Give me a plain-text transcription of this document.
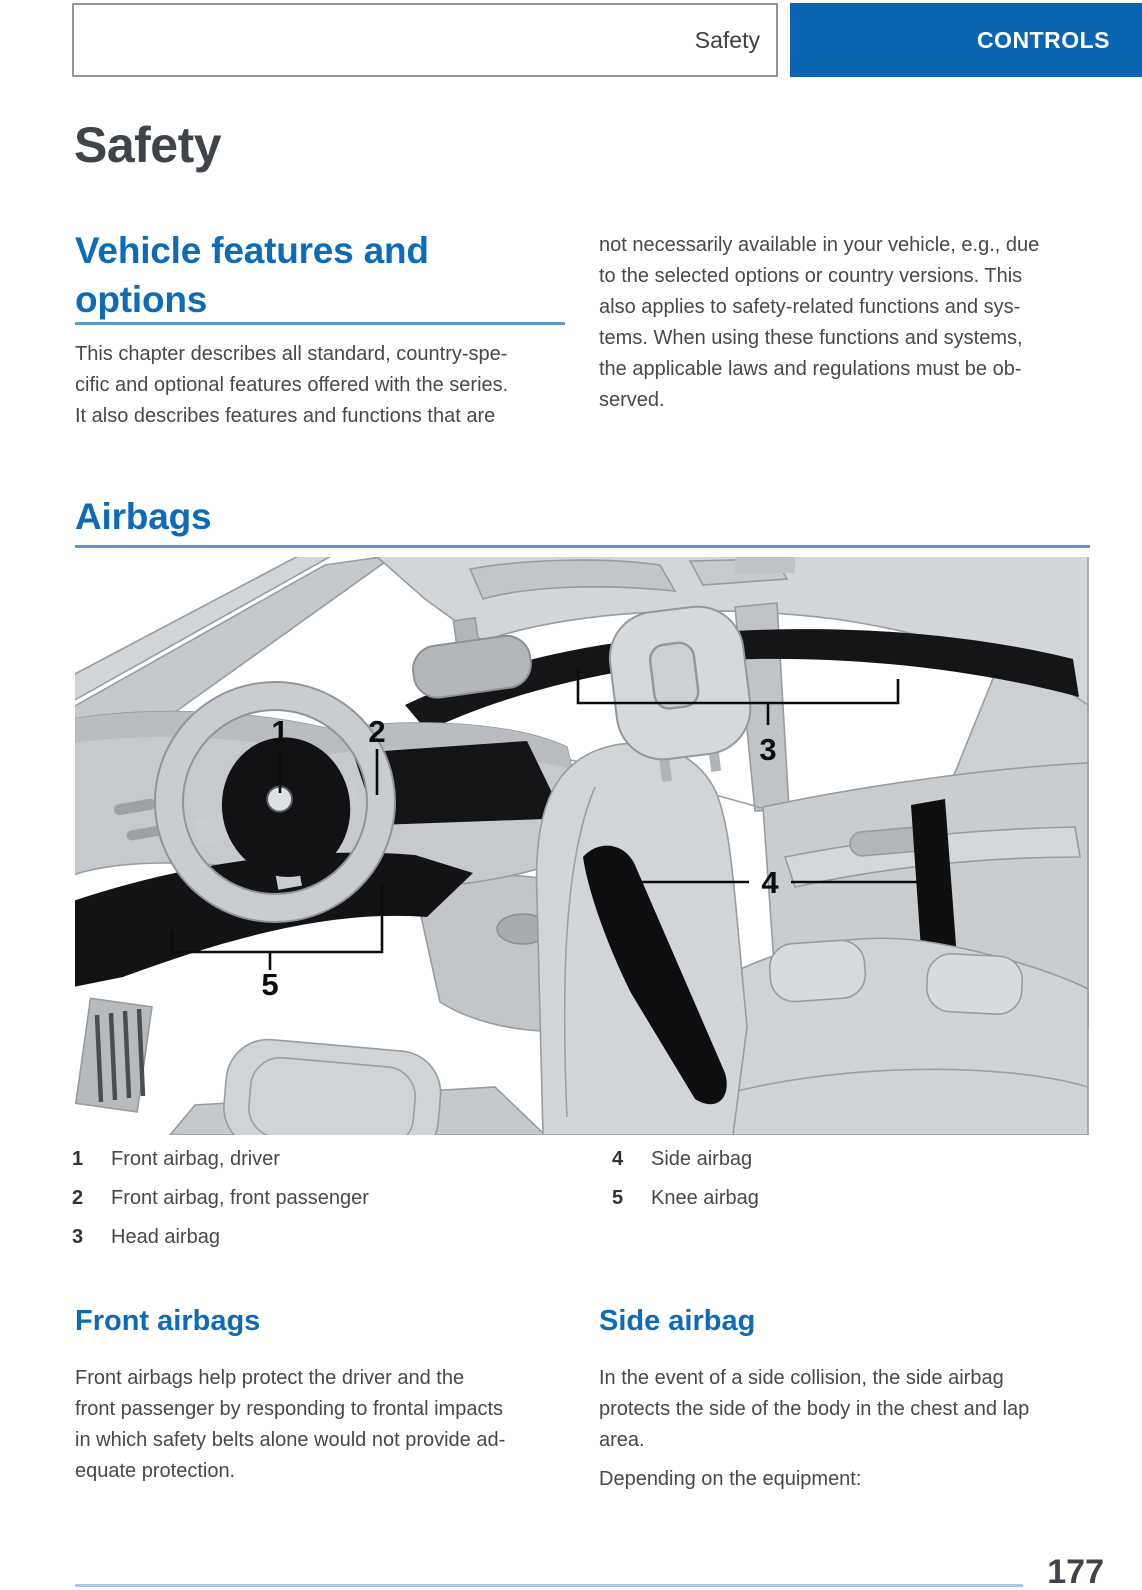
Safety	CONTROLS
Safety
Vehicle features and options
This chapter describes all standard, country-spe-
cific and optional features offered with the series.
It also describes features and functions that are
not necessarily available in your vehicle, e.g., due
to the selected options or country versions. This
also applies to safety-related functions and sys-
tems. When using these functions and systems,
the applicable laws and regulations must be ob-
served.
Airbags
1	2
3
4
5
1	Front airbag, driver
2	Front airbag, front passenger
3	Head airbag
4	Side airbag
5	Knee airbag
Front airbags
Front airbags help protect the driver and the
front passenger by responding to frontal impacts
in which safety belts alone would not provide ad-
equate protection.
Side airbag
In the event of a side collision, the side airbag
protects the side of the body in the chest and lap
area.
Depending on the equipment:
177
